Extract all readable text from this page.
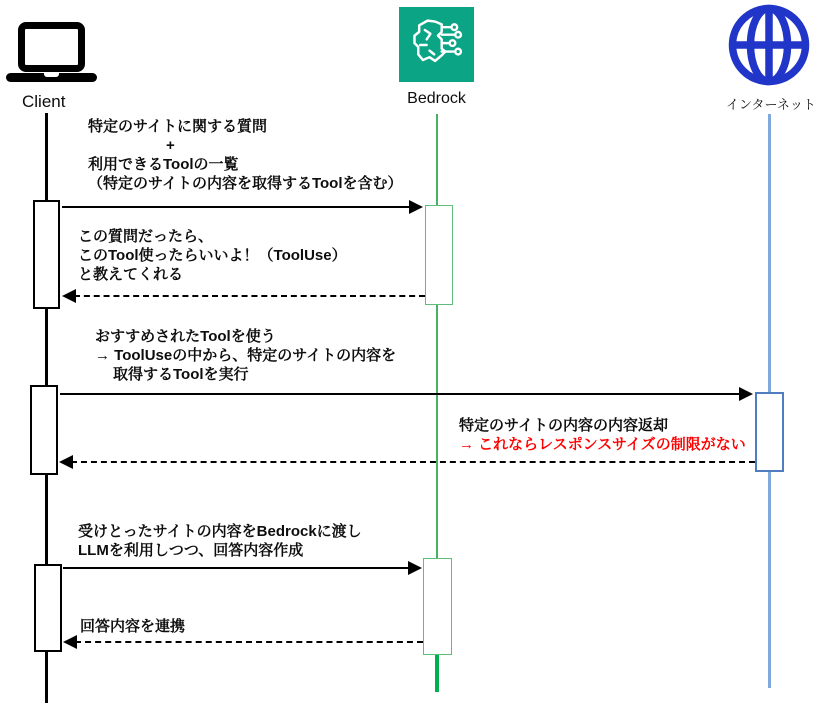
Client	Bedrock	インターネット
特定のサイトに関する質問
+
利用できるToolの一覧
（特定のサイトの内容を取得するToolを含む）
この質問だったら、
このTool使ったらいいよ！（ToolUse）
と教えてくれる
おすすめされたToolを使う
→ ToolUseの中から、特定のサイトの内容を
取得するToolを実行
特定のサイトの内容の内容返却
→ これならレスポンスサイズの制限がない
受けとったサイトの内容をBedrockに渡し
LLMを利用しつつ、回答内容作成
回答内容を連携
